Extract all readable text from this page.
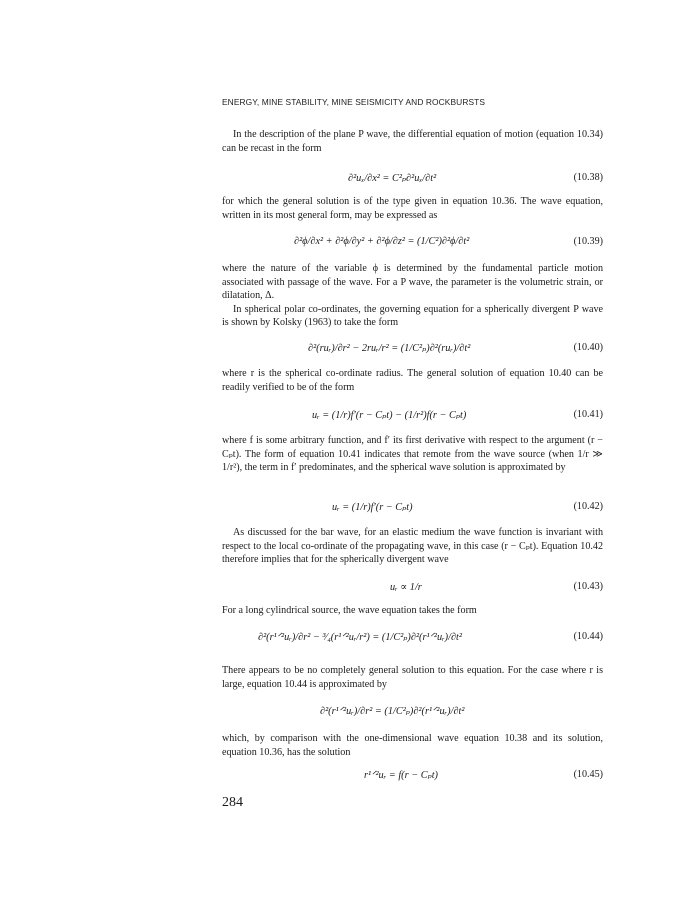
ENERGY, MINE STABILITY, MINE SEISMICITY AND ROCKBURSTS

In the description of the plane P wave, the differential equation of motion (equation 10.34) can be recast in the form

∂²uₓ/∂x² = C²ₚ∂²uₓ/∂t²	(10.38)

for which the general solution is of the type given in equation 10.36. The wave equation, written in its most general form, may be expressed as

∂²ϕ/∂x² + ∂²ϕ/∂y² + ∂²ϕ/∂z² = (1/C²)∂²ϕ/∂t²	(10.39)

where the nature of the variable ϕ is determined by the fundamental particle motion associated with passage of the wave. For a P wave, the parameter is the volumetric strain, or dilatation, Δ.

In spherical polar co-ordinates, the governing equation for a spherically divergent P wave is shown by Kolsky (1963) to take the form

∂²(ruᵣ)/∂r² − 2ruᵣ/r² = (1/C²ₚ)∂²(ruᵣ)/∂t²	(10.40)

where r is the spherical co-ordinate radius. The general solution of equation 10.40 can be readily verified to be of the form

uᵣ = (1/r)f′(r − Cₚt) − (1/r²)f(r − Cₚt)	(10.41)

where f is some arbitrary function, and f′ its first derivative with respect to the argument (r − Cₚt). The form of equation 10.41 indicates that remote from the wave source (when 1/r ≫ 1/r²), the term in f′ predominates, and the spherical wave solution is approximated by

uᵣ = (1/r)f′(r − Cₚt)	(10.42)

As discussed for the bar wave, for an elastic medium the wave function is invariant with respect to the local co-ordinate of the propagating wave, in this case (r − Cₚt). Equation 10.42 therefore implies that for the spherically divergent wave

uᵣ ∝ 1/r	(10.43)

For a long cylindrical source, the wave equation takes the form

∂²(r¹ᐟ²uᵣ)/∂r² − ³⁄₄(r¹ᐟ²uᵣ/r²) = (1/C²ₚ)∂²(r¹ᐟ²uᵣ)/∂t²	(10.44)

There appears to be no completely general solution to this equation. For the case where r is large, equation 10.44 is approximated by

∂²(r¹ᐟ²uᵣ)/∂r² = (1/C²ₚ)∂²(r¹ᐟ²uᵣ)/∂t²

which, by comparison with the one-dimensional wave equation 10.38 and its solution, equation 10.36, has the solution

r¹ᐟ²uᵣ = f(r − Cₚt)	(10.45)
284
